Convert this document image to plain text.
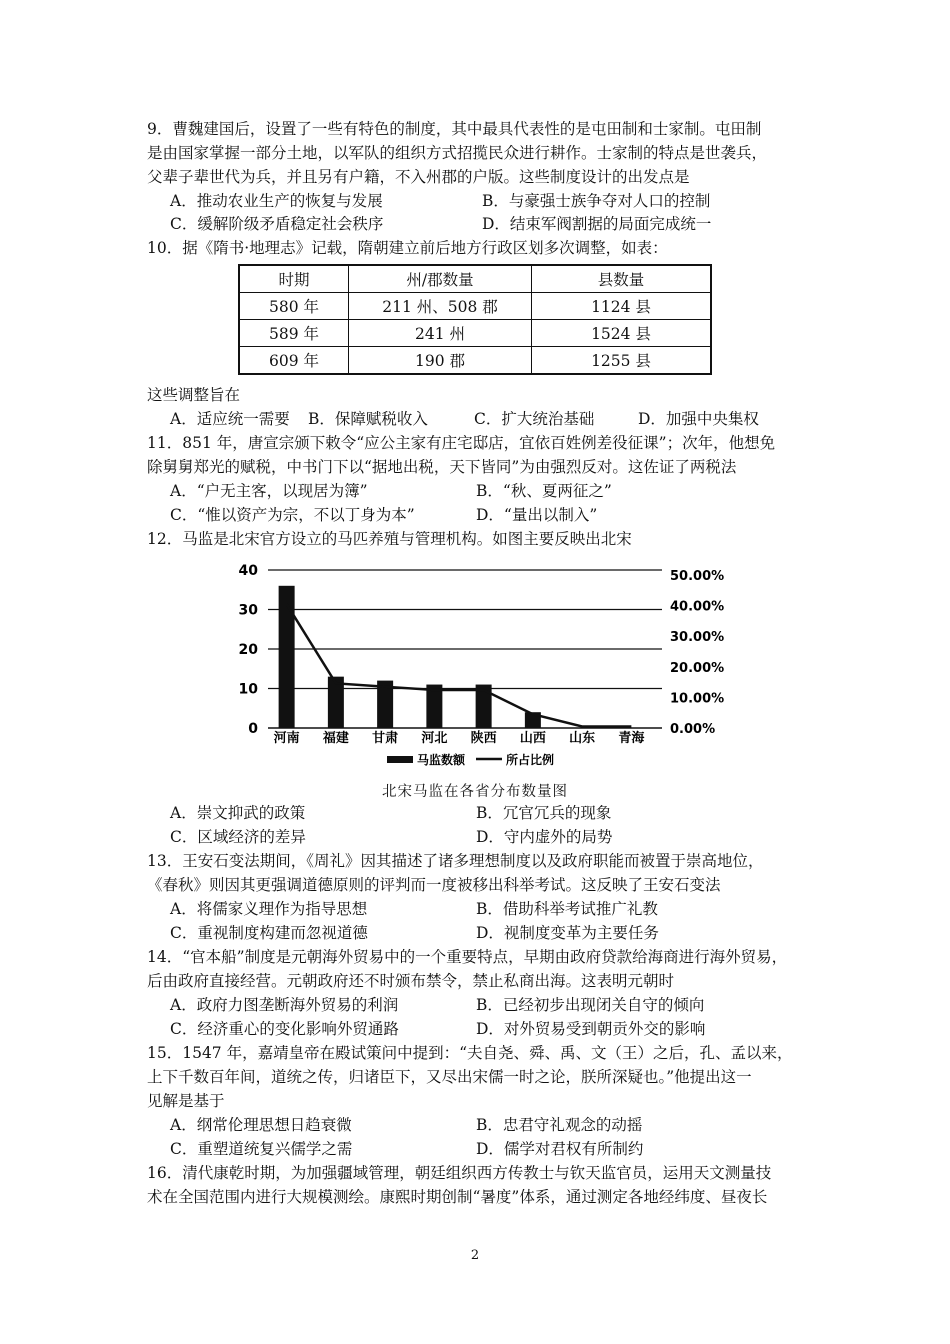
9．曹魏建国后，设置了一些有特色的制度，其中最具代表性的是屯田制和士家制。屯田制
是由国家掌握一部分土地，以军队的组织方式招揽民众进行耕作。士家制的特点是世袭兵，
父辈子辈世代为兵，并且另有户籍，不入州郡的户版。这些制度设计的出发点是
A．推动农业生产的恢复与发展	B．与豪强士族争夺对人口的控制
C．缓解阶级矛盾稳定社会秩序	D．结束军阀割据的局面完成统一
10．据《隋书·地理志》记载，隋朝建立前后地方行政区划多次调整，如表：
时期	州/郡数量	县数量
580 年	211 州、508 郡	1124 县
589 年	241 州	1524 县
609 年	190 郡	1255 县
这些调整旨在
A．适应统一需要 B．保障赋税收入	C．扩大统治基础	D．加强中央集权
11．851 年，唐宣宗颁下敕令“应公主家有庄宅邸店，宜依百姓例差役征课”；次年，他想免
除舅舅郑光的赋税，中书门下以“据地出税，天下皆同”为由强烈反对。这佐证了两税法
A．“户无主客，以现居为簿”	B．“秋、夏两征之”
C．“惟以资产为宗，不以丁身为本”	D．“量出以制入”
12．马监是北宋官方设立的马匹养殖与管理机构。如图主要反映出北宋
0
10
20
30
40
0.00%
10.00%
20.00%
30.00%
40.00%
50.00%
河南 福建 甘肃 河北 陕西 山西 山东 青海
马监数额	所占比例
北宋马监在各省分布数量图
A．崇文抑武的政策	B．冗官冗兵的现象
C．区域经济的差异	D．守内虚外的局势
13．王安石变法期间，《周礼》因其描述了诸多理想制度以及政府职能而被置于崇高地位，
《春秋》则因其更强调道德原则的评判而一度被移出科举考试。这反映了王安石变法
A．将儒家义理作为指导思想	B．借助科举考试推广礼教
C．重视制度构建而忽视道德	D．视制度变革为主要任务
14．“官本船”制度是元朝海外贸易中的一个重要特点，早期由政府贷款给海商进行海外贸易，
后由政府直接经营。元朝政府还不时颁布禁令，禁止私商出海。这表明元朝时
A．政府力图垄断海外贸易的利润	B．已经初步出现闭关自守的倾向
C．经济重心的变化影响外贸通路	D．对外贸易受到朝贡外交的影响
15．1547 年，嘉靖皇帝在殿试策问中提到：“夫自尧、舜、禹、文（王）之后，孔、孟以来，
上下千数百年间，道统之传，归诸臣下，又尽出宋儒一时之论，朕所深疑也。”他提出这一
见解是基于
A．纲常伦理思想日趋衰微	B．忠君守礼观念的动摇
C．重塑道统复兴儒学之需	D．儒学对君权有所制约
16．清代康乾时期，为加强疆域管理，朝廷组织西方传教士与钦天监官员，运用天文测量技
术在全国范围内进行大规模测绘。康熙时期创制“暑度”体系，通过测定各地经纬度、昼夜长
2
